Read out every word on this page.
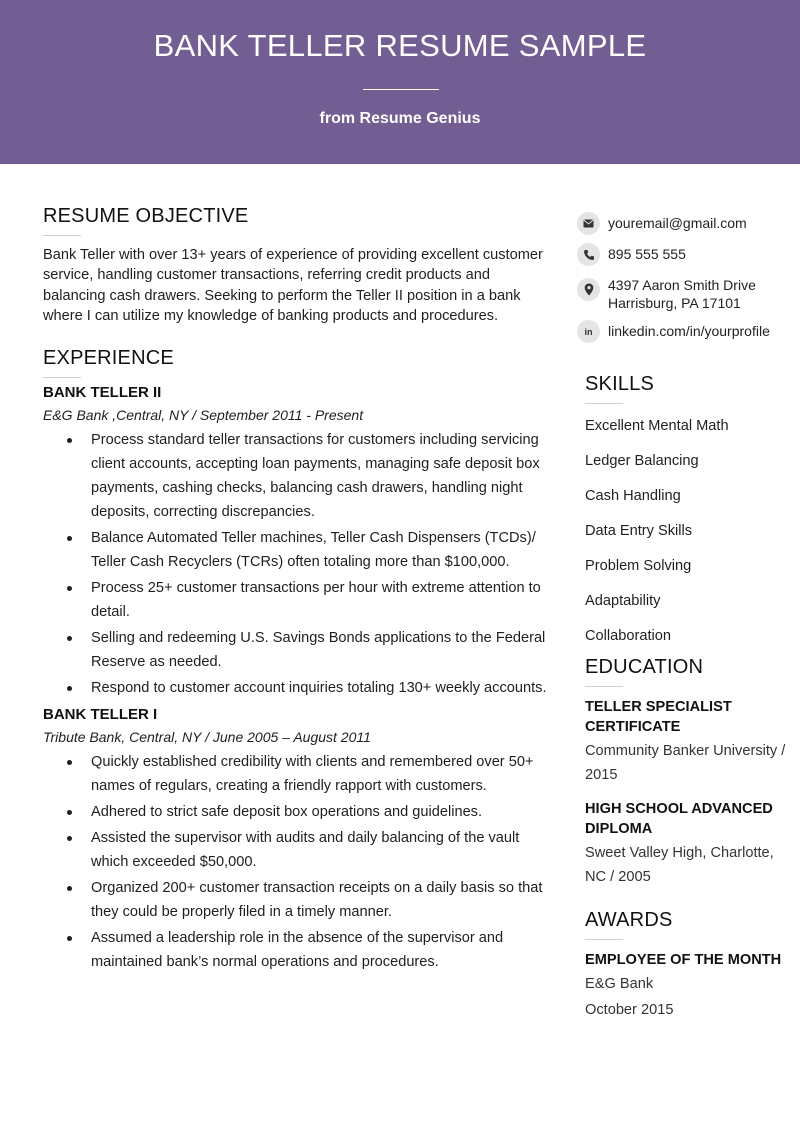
BANK TELLER RESUME SAMPLE
from Resume Genius
RESUME OBJECTIVE
Bank Teller with over 13+ years of experience of providing excellent customer service, handling customer transactions, referring credit products and balancing cash drawers. Seeking to perform the Teller II position in a bank where I can utilize my knowledge of banking products and procedures.
EXPERIENCE
BANK TELLER II
E&G Bank ,Central, NY / September 2011 - Present
Process standard teller transactions for customers including servicing client accounts, accepting loan payments, managing safe deposit box payments, cashing checks, balancing cash drawers, handling night deposits, correcting discrepancies.
Balance Automated Teller machines, Teller Cash Dispensers (TCDs)/ Teller Cash Recyclers (TCRs) often totaling more than $100,000.
Process 25+ customer transactions per hour with extreme attention to detail.
Selling and redeeming U.S. Savings Bonds applications to the Federal Reserve as needed.
Respond to customer account inquiries totaling 130+ weekly accounts.
BANK TELLER I
Tribute Bank, Central, NY / June 2005 – August 2011
Quickly established credibility with clients and remembered over 50+ names of regulars, creating a friendly rapport with customers.
Adhered to strict safe deposit box operations and guidelines.
Assisted the supervisor with audits and daily balancing of the vault which exceeded $50,000.
Organized 200+ customer transaction receipts on a daily basis so that they could be properly filed in a timely manner.
Assumed a leadership role in the absence of the supervisor and maintained bank’s normal operations and procedures.
youremail@gmail.com
895 555 555
4397 Aaron Smith Drive
Harrisburg, PA 17101
in linkedin.com/in/yourprofile
SKILLS
Excellent Mental Math
Ledger Balancing
Cash Handling
Data Entry Skills
Problem Solving
Adaptability
Collaboration
EDUCATION
TELLER SPECIALIST CERTIFICATE
Community Banker University / 2015
HIGH SCHOOL ADVANCED DIPLOMA
Sweet Valley High, Charlotte, NC / 2005
AWARDS
EMPLOYEE OF THE MONTH
E&G Bank
October 2015
